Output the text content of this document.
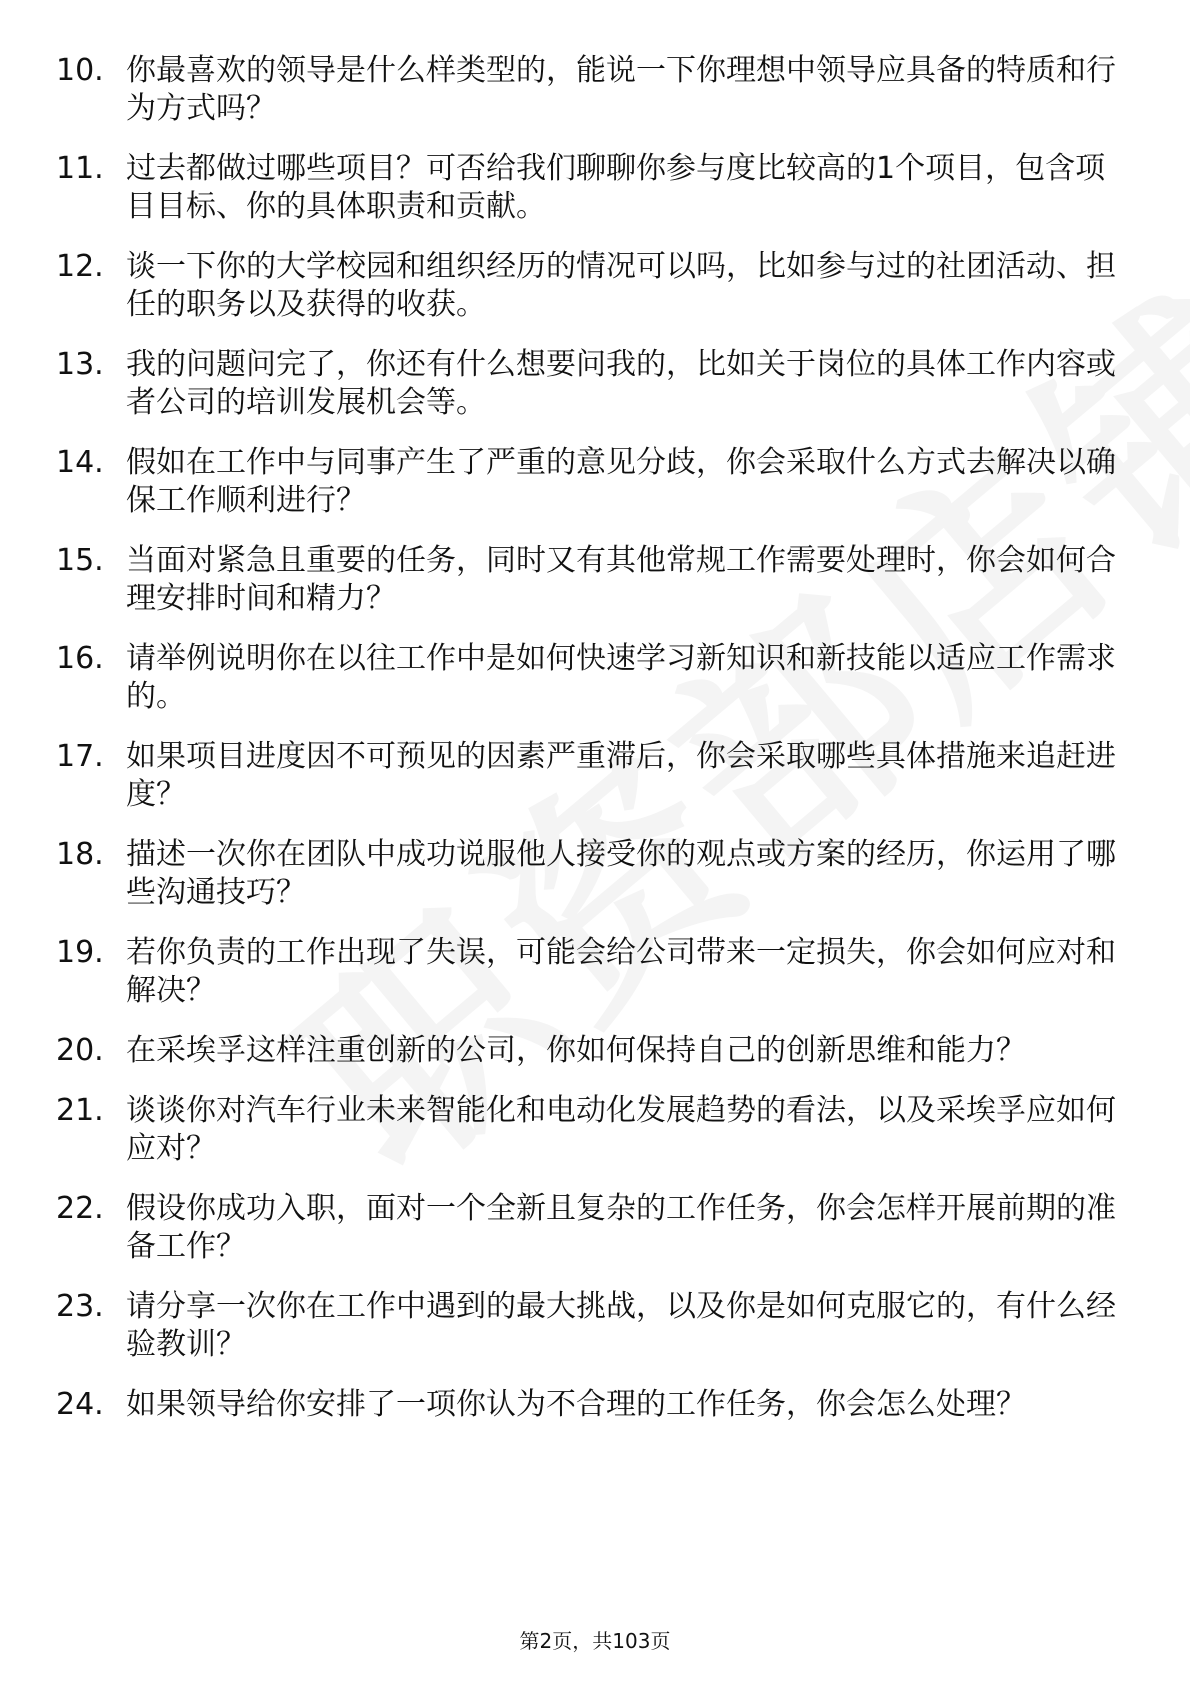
10. 你最喜欢的领导是什么样类型的，能说一下你理想中领导应具备的特质和行为方式吗？
11. 过去都做过哪些项目？可否给我们聊聊你参与度比较高的1个项目，包含项目目标、你的具体职责和贡献。
12. 谈一下你的大学校园和组织经历的情况可以吗，比如参与过的社团活动、担任的职务以及获得的收获。
13. 我的问题问完了，你还有什么想要问我的，比如关于岗位的具体工作内容或者公司的培训发展机会等。
14. 假如在工作中与同事产生了严重的意见分歧，你会采取什么方式去解决以确保工作顺利进行？
15. 当面对紧急且重要的任务，同时又有其他常规工作需要处理时，你会如何合理安排时间和精力？
16. 请举例说明你在以往工作中是如何快速学习新知识和新技能以适应工作需求的。
17. 如果项目进度因不可预见的因素严重滞后，你会采取哪些具体措施来追赶进度？
18. 描述一次你在团队中成功说服他人接受你的观点或方案的经历，你运用了哪些沟通技巧？
19. 若你负责的工作出现了失误，可能会给公司带来一定损失，你会如何应对和解决？
20. 在采埃孚这样注重创新的公司，你如何保持自己的创新思维和能力？
21. 谈谈你对汽车行业未来智能化和电动化发展趋势的看法，以及采埃孚应如何应对？
22. 假设你成功入职，面对一个全新且复杂的工作任务，你会怎样开展前期的准备工作？
23. 请分享一次你在工作中遇到的最大挑战，以及你是如何克服它的，有什么经验教训？
24. 如果领导给你安排了一项你认为不合理的工作任务，你会怎么处理？
第2页，共103页
